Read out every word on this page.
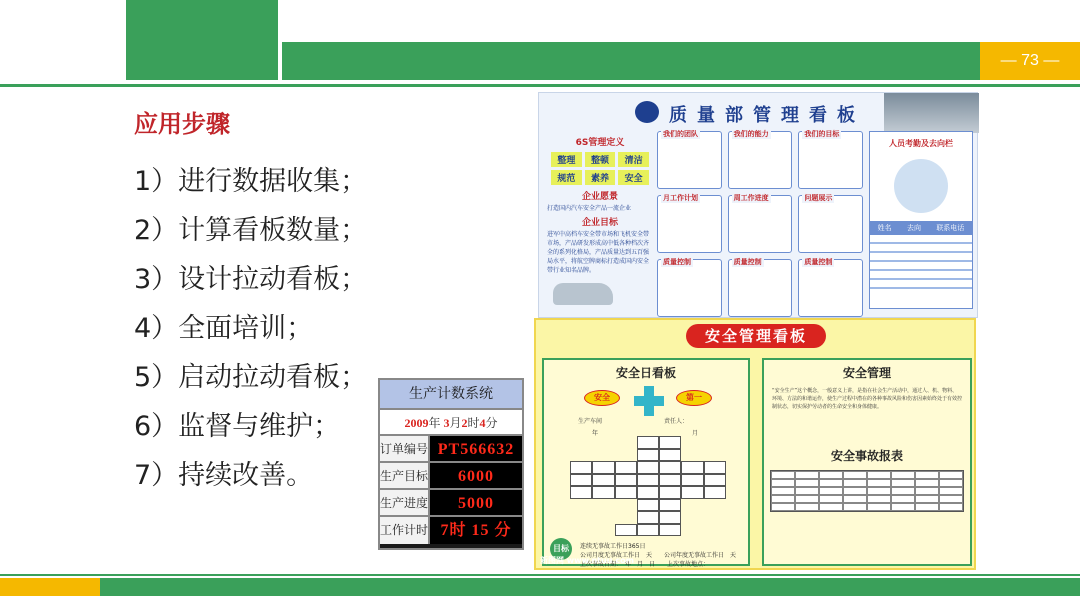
— 73 —
应用步骤
1）进行数据收集；
2）计算看板数量；
3）设计拉动看板；
4）全面培训；
5）启动拉动看板；
6）监督与维护；
7）持续改善。
质量部管理看板
6S管理定义
整理	整顿	清洁
规范	素养	安全
企业愿景
打造国内汽车安全产品一流企业
企业目标
进军中高档车安全带市场和飞机安全带市场，产品研发形成高中低各种档次齐全的系列化格局，产品质量达到五百强局水平，将航空牌商标打造成国内安全带行业知名品牌。
我们的团队	我们的能力	我们的目标
月工作计划	周工作进度	问题展示
质量控制	质量控制	质量控制
人员考勤及去向栏
姓名 去向 联系电话
安全管理看板
安全日看板
安全	第一
生产车间	责任人：
年	月
目标	连续无事故工作日365日
公司月度无事故工作日　天　　公司年度无事故工作日　天
上次事故日期：　年　月　日　　上次事故地点：
安全管理
“安全生产”这个概念，一般意义上讲，是指在社会生产活动中，通过人、机、物料、环境、方法的和谐运作，使生产过程中潜在的各种事故风险和伤害因素始终处于有效控制状态，切实保护劳动者的生命安全和身体健康。
安全事故报表
新图网 www.ntuu.com
生产计数系统
2009年 3月2时4分
订单编号 PT566632
生产目标	6000
生产进度	5000
工作计时 7时 15 分
